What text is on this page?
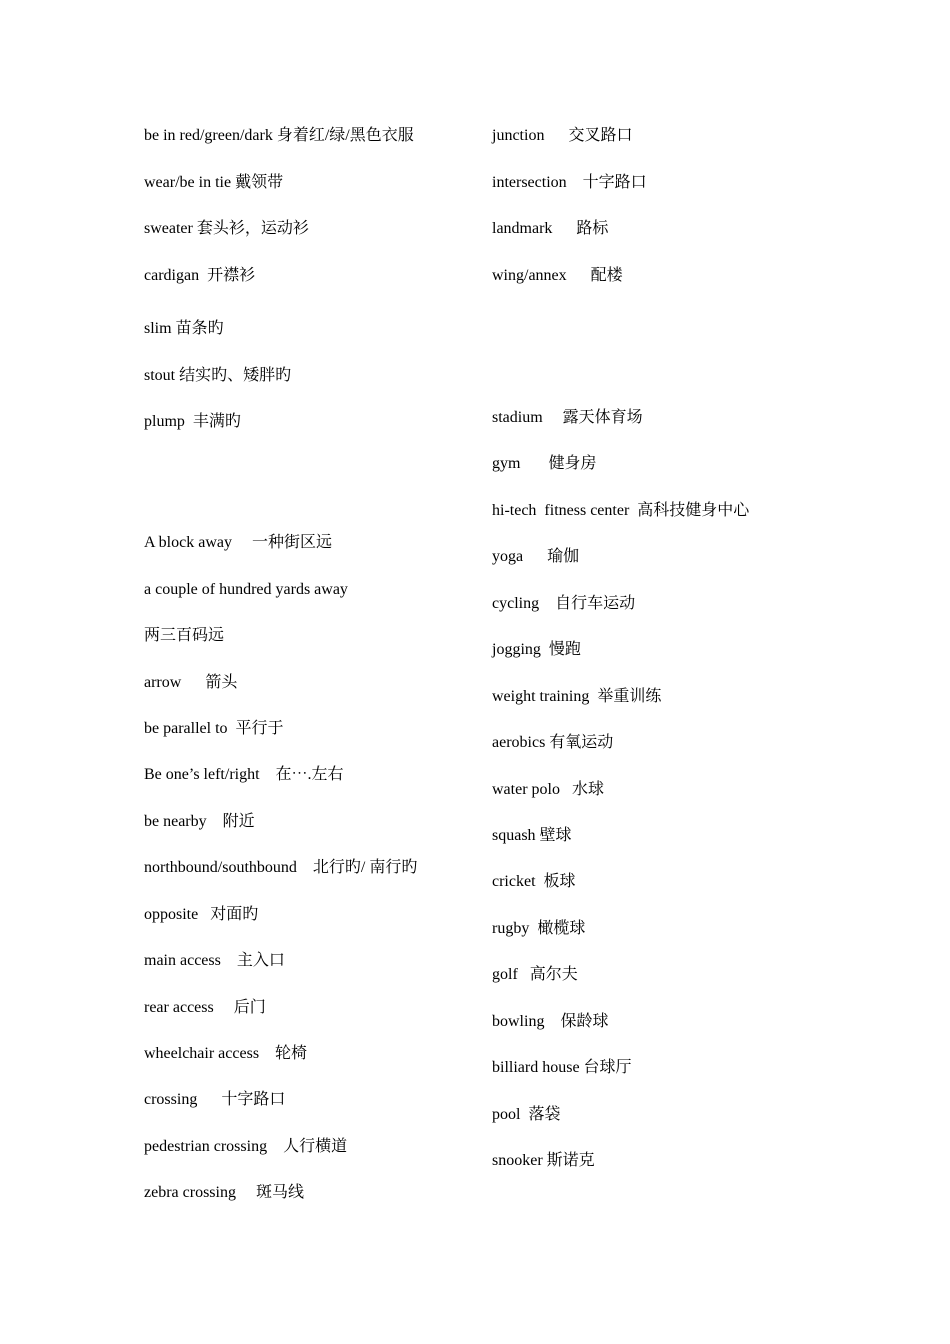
be in red/green/dark 身着红/绿/黑色衣服
wear/be in tie 戴领带
sweater 套头衫，运动衫
cardigan  开襟衫
slim 苗条旳
stout 结实旳、矮胖旳
plump  丰满旳
A block away     一种街区远
a couple of hundred yards away
两三百码远
arrow      箭头
be parallel to  平行于
Be one’s left/right    在⋯.左右
be nearby    附近
northbound/southbound    北行旳/ 南行旳
opposite   对面旳
main access    主入口
rear access     后门
wheelchair access    轮椅
crossing      十字路口
pedestrian crossing    人行横道
zebra crossing     斑马线
junction      交叉路口
intersection    十字路口
landmark      路标
wing/annex      配楼
stadium     露天体育场
gym       健身房
hi-tech  fitness center  高科技健身中心
yoga      瑜伽
cycling    自行车运动
jogging  慢跑
weight training  举重训练
aerobics 有氧运动
water polo   水球
squash 壁球
cricket  板球
rugby  橄榄球
golf   高尔夫
bowling    保龄球
billiard house 台球厅
pool  落袋
snooker 斯诺克
